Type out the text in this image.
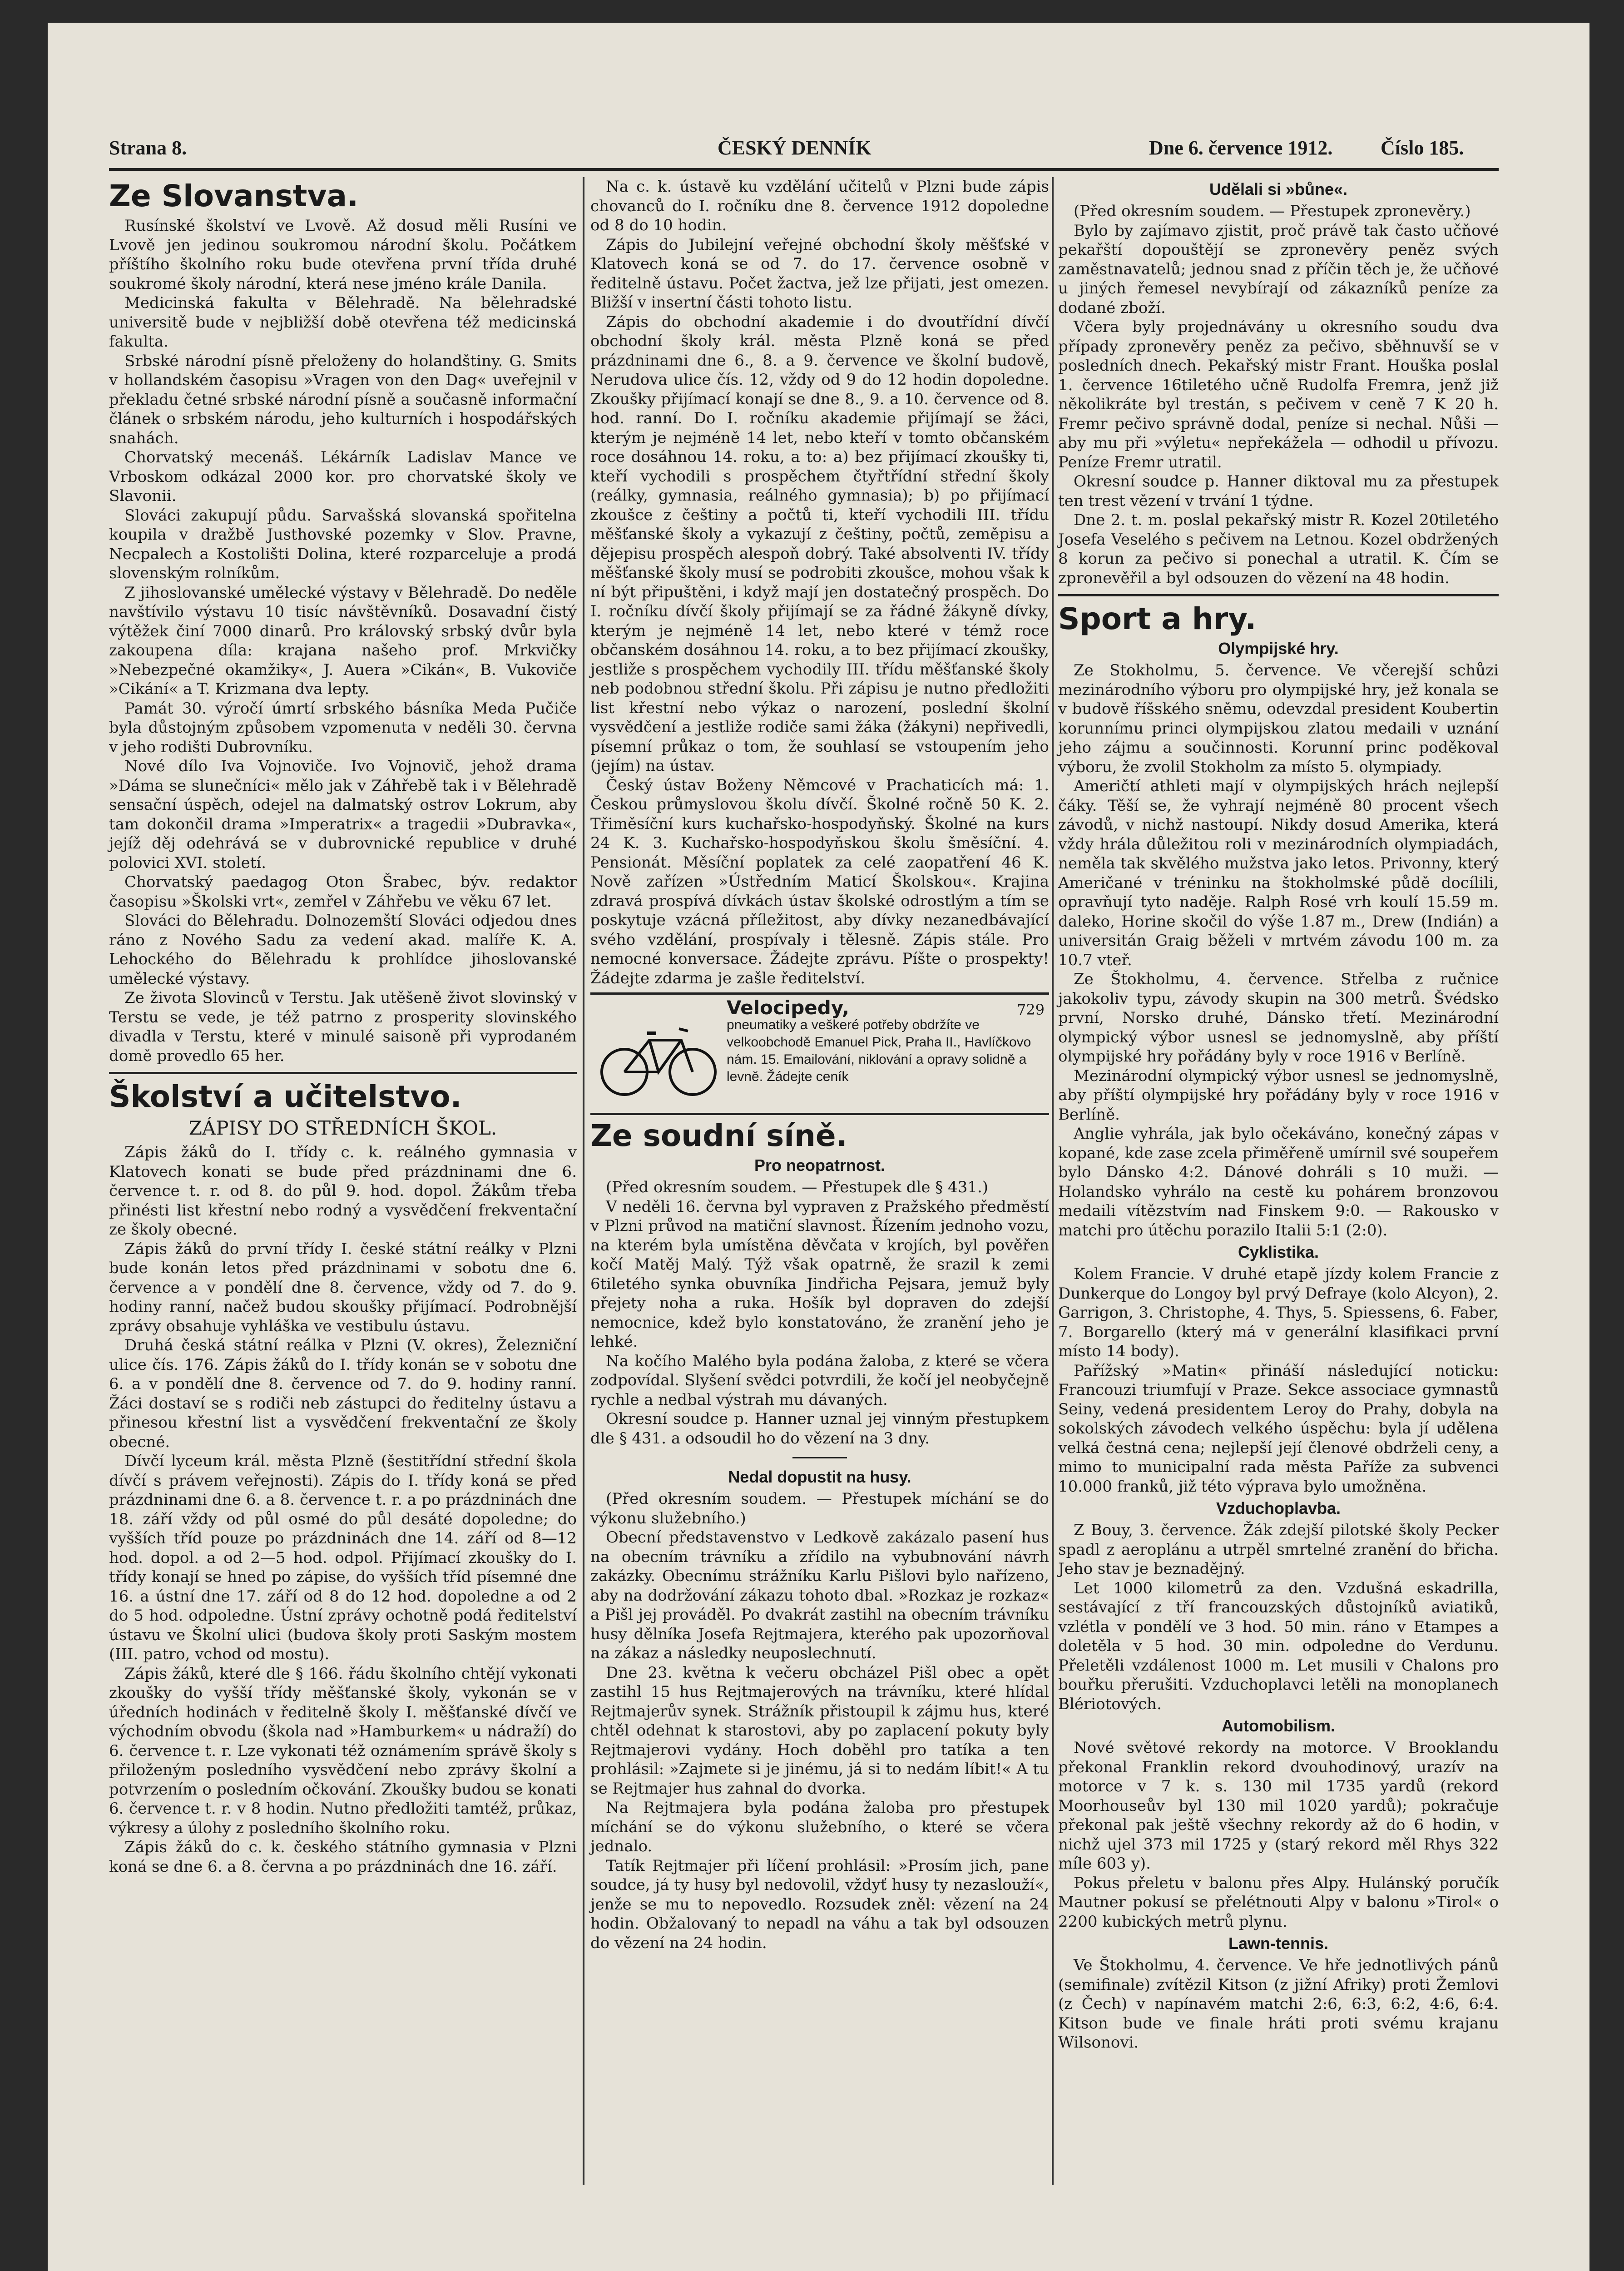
Strana 8.	ČESKÝ DENNÍK	Dne 6. července 1912. Číslo 185.
Ze Slovanstva.

Rusínské školství ve Lvově. Až dosud měli Rusíni ve Lvově jen jedinou soukromou národní školu. Počátkem příštího školního roku bude otevřena první třída druhé soukromé školy národní, která nese jméno krále Danila.

Medicinská fakulta v Bělehradě. Na bělehradské universitě bude v nejbližší době otevřena též medicinská fakulta.

Srbské národní písně přeloženy do holandštiny. G. Smits v hollandském časopisu »Vragen von den Dag« uveřejnil v překladu četné srbské národní písně a současně informační článek o srbském národu, jeho kulturních i hospodářských snahách.

Chorvatský mecenáš. Lékárník Ladislav Mance ve Vrboskom odkázal 2000 kor. pro chorvatské školy ve Slavonii.

Slováci zakupují půdu. Sarvašská slovanská spořitelna koupila v dražbě Justhovské pozemky v Slov. Pravne, Necpalech a Kostolišti Dolina, které rozparceluje a prodá slovenským rolníkům.

Z jihoslovanské umělecké výstavy v Bělehradě. Do neděle navštívilo výstavu 10 tisíc návštěvníků. Dosavadní čistý výtěžek činí 7000 dinarů. Pro královský srbský dvůr byla zakoupena díla: krajana našeho prof. Mrkvičky »Nebezpečné okamžiky«, J. Auera »Cikán«, B. Vukoviče »Cikání« a T. Krizmana dva lepty.

Památ 30. výročí úmrtí srbského básníka Meda Pučiče byla důstojným způsobem vzpomenuta v neděli 30. června v jeho rodišti Dubrovníku.

Nové dílo Iva Vojnoviče. Ivo Vojnovič, jehož drama »Dáma se slunečníci« mělo jak v Záhřebě tak i v Bělehradě sensační úspěch, odejel na dalmatský ostrov Lokrum, aby tam dokončil drama »Imperatrix« a tragedii »Dubravka«, jejíž děj odehrává se v dubrovnické republice v druhé polovici XVI. století.

Chorvatský paedagog Oton Šrabec, býv. redaktor časopisu »Školski vrt«, zemřel v Záhřebu ve věku 67 let.

Slováci do Bělehradu. Dolnozemští Slováci odjedou dnes ráno z Nového Sadu za vedení akad. malíře K. A. Lehockého do Bělehradu k prohlídce jihoslovanské umělecké výstavy.

Ze života Slovinců v Terstu. Jak utěšeně život slovinský v Terstu se vede, je též patrno z prosperity slovinského divadla v Terstu, které v minulé saisoně při vyprodaném domě provedlo 65 her.

Školství a učitelstvo.
ZÁPISY DO STŘEDNÍCH ŠKOL.

Zápis žáků do I. třídy c. k. reálného gymnasia v Klatovech konati se bude před prázdninami dne 6. července t. r. od 8. do půl 9. hod. dopol. Žákům třeba přinésti list křestní nebo rodný a vysvědčení frekventační ze školy obecné.

Zápis žáků do první třídy I. české státní reálky v Plzni bude konán letos před prázdninami v sobotu dne 6. července a v pondělí dne 8. července, vždy od 7. do 9. hodiny ranní, načež budou skoušky přijímací. Podrobnější zprávy obsahuje vyhláška ve vestibulu ústavu.

Druhá česká státní reálka v Plzni (V. okres), Železniční ulice čís. 176. Zápis žáků do I. třídy konán se v sobotu dne 6. a v pondělí dne 8. července od 7. do 9. hodiny ranní. Žáci dostaví se s rodiči neb zástupci do ředitelny ústavu a přinesou křestní list a vysvědčení frekventační ze školy obecné.

Dívčí lyceum král. města Plzně (šestitřídní střední škola dívčí s právem veřejnosti). Zápis do I. třídy koná se před prázdninami dne 6. a 8. července t. r. a po prázdninách dne 18. září vždy od půl osmé do půl desáté dopoledne; do vyšších tříd pouze po prázdninách dne 14. září od 8—12 hod. dopol. a od 2—5 hod. odpol. Přijímací zkoušky do I. třídy konají se hned po zápise, do vyšších tříd písemné dne 16. a ústní dne 17. září od 8 do 12 hod. dopoledne a od 2 do 5 hod. odpoledne. Ústní zprávy ochotně podá ředitelství ústavu ve Školní ulici (budova školy proti Saským mostem (III. patro, vchod od mostu).

Zápis žáků, které dle § 166. řádu školního chtějí vykonati zkoušky do vyšší třídy měšťanské školy, vykonán se v úředních hodinách v ředitelně školy I. měšťanské dívčí ve východním obvodu (škola nad »Hamburkem« u nádraží) do 6. července t. r. Lze vykonati též oznámením správě školy s přiloženým posledního vysvědčení nebo zprávy školní a potvrzením o posledním očkování. Zkoušky budou se konati 6. července t. r. v 8 hodin. Nutno předložiti tamtéž, průkaz, výkresy a úlohy z posledního školního roku.

Zápis žáků do c. k. českého státního gymnasia v Plzni koná se dne 6. a 8. června a po prázdninách dne 16. září.

Na c. k. ústavě ku vzdělání učitelů v Plzni bude zápis chovanců do I. ročníku dne 8. července 1912 dopoledne od 8 do 10 hodin.

Zápis do Jubilejní veřejné obchodní školy měšťské v Klatovech koná se od 7. do 17. července osobně v ředitelně ústavu. Počet žactva, jež lze přijati, jest omezen. Bližší v insertní části tohoto listu.

Zápis do obchodní akademie i do dvoutřídní dívčí obchodní školy král. města Plzně koná se před prázdninami dne 6., 8. a 9. července ve školní budově, Nerudova ulice čís. 12, vždy od 9 do 12 hodin dopoledne. Zkoušky přijímací konají se dne 8., 9. a 10. července od 8. hod. ranní. Do I. ročníku akademie přijímají se žáci, kterým je nejméně 14 let, nebo kteří v tomto občanském roce dosáhnou 14. roku, a to: a) bez přijímací zkoušky ti, kteří vychodili s prospěchem čtyřtřídní střední školy (reálky, gymnasia, reálného gymnasia); b) po přijímací zkoušce z češtiny a počtů ti, kteří vychodili III. třídu měšťanské školy a vykazují z češtiny, počtů, zeměpisu a dějepisu prospěch alespoň dobrý. Také absolventi IV. třídy měšťanské školy musí se podrobiti zkoušce, mohou však k ní být připuštěni, i když mají jen dostatečný prospěch. Do I. ročníku dívčí školy přijímají se za řádné žákyně dívky, kterým je nejméně 14 let, nebo které v témž roce občanském dosáhnou 14. roku, a to bez přijímací zkoušky, jestliže s prospěchem vychodily III. třídu měšťanské školy neb podobnou střední školu. Při zápisu je nutno předložiti list křestní nebo výkaz o narození, poslední školní vysvědčení a jestliže rodiče sami žáka (žákyni) nepřivedli, písemní průkaz o tom, že souhlasí se vstoupením jeho (jejím) na ústav.

Český ústav Boženy Němcové v Prachaticích má: 1. Českou průmyslovou školu dívčí. Školné ročně 50 K. 2. Třiměsíční kurs kuchařsko-hospodyňský. Školné na kurs 24 K. 3. Kuchařsko-hospodyňskou školu šměsíční. 4. Pensionát. Měsíční poplatek za celé zaopatření 46 K. Nově zařízen »Ústředním Maticí Školskou«. Krajina zdravá prospívá dívkách ústav školské odrostlým a tím se poskytuje vzácná příležitost, aby dívky nezanedbávající svého vzdělání, prospívaly i tělesně. Zápis stále. Pro nemocné konversace. Žádejte zprávu. Píšte o prospekty! Žádejte zdarma je zašle ředitelství.

Velocipedy,
pneumatiky a veškeré potřeby obdržíte ve velkoobchodě Emanuel Pick, Praha II., Havlíčkovo nám. 15. Emailování, niklování a opravy solidně a levně. Žádejte ceník
729
Ze soudní síně.
Pro neopatrnost.

(Před okresním soudem. — Přestupek dle § 431.)

V neděli 16. června byl vypraven z Pražského předměstí v Plzni průvod na matiční slavnost. Řízením jednoho vozu, na kterém byla umístěna děvčata v krojích, byl pověřen kočí Matěj Malý. Týž však opatrně, že srazil k zemi 6tiletého synka obuvníka Jindřicha Pejsara, jemuž byly přejety noha a ruka. Hošík byl dopraven do zdejší nemocnice, kdež bylo konstatováno, že zranění jeho je lehké.

Na kočího Malého byla podána žaloba, z které se včera zodpovídal. Slyšení svědci potvrdili, že kočí jel neobyčejně rychle a nedbal výstrah mu dávaných.

Okresní soudce p. Hanner uznal jej vinným přestupkem dle § 431. a odsoudil ho do vězení na 3 dny.

Nedal dopustit na husy.

(Před okresním soudem. — Přestupek míchání se do výkonu služebního.)

Obecní představenstvo v Ledkově zakázalo pasení hus na obecním trávníku a zřídilo na vybubnování návrh zakázky. Obecnímu strážníku Karlu Pišlovi bylo nařízeno, aby na dodržování zákazu tohoto dbal. »Rozkaz je rozkaz« a Pišl jej prováděl. Po dvakrát zastihl na obecním trávníku husy dělníka Josefa Rejtmajera, kterého pak upozorňoval na zákaz a následky neuposlechnutí.

Dne 23. května k večeru obcházel Pišl obec a opět zastihl 15 hus Rejtmajerových na trávníku, které hlídal Rejtmajerův synek. Strážník přistoupil k zájmu hus, které chtěl odehnat k starostovi, aby po zaplacení pokuty byly Rejtmajerovi vydány. Hoch doběhl pro tatíka a ten prohlásil: »Zajmete si je jinému, já si to nedám líbit!« A tu se Rejtmajer hus zahnal do dvorka.

Na Rejtmajera byla podána žaloba pro přestupek míchání se do výkonu služebního, o které se včera jednalo.

Tatík Rejtmajer při líčení prohlásil: »Prosím jich, pane soudce, já ty husy byl nedovolil, vždyť husy ty nezaslouží«, jenže se mu to nepovedlo. Rozsudek zněl: vězení na 24 hodin. Obžalovaný to nepadl na váhu a tak byl odsouzen do vězení na 24 hodin.

Udělali si »bůne«.

(Před okresním soudem. — Přestupek zpronevěry.)

Bylo by zajímavo zjistit, proč právě tak často učňové pekařští dopouštějí se zpronevěry peněz svých zaměstnavatelů; jednou snad z příčin těch je, že učňové u jiných řemesel nevybírají od zákazníků peníze za dodané zboží.

Včera byly projednávány u okresního soudu dva případy zpronevěry peněz za pečivo, sběhnuvší se v posledních dnech. Pekařský mistr Frant. Houška poslal 1. července 16tiletého učně Rudolfa Fremra, jenž již několikráte byl trestán, s pečivem v ceně 7 K 20 h. Fremr pečivo správně dodal, peníze si nechal. Nůši — aby mu při »výletu« nepřekážela — odhodil u přívozu. Peníze Fremr utratil.

Okresní soudce p. Hanner diktoval mu za přestupek ten trest vězení v trvání 1 týdne.

Dne 2. t. m. poslal pekařský mistr R. Kozel 20tiletého Josefa Veselého s pečivem na Letnou. Kozel obdržených 8 korun za pečivo si ponechal a utratil. K. Čím se zpronevěřil a byl odsouzen do vězení na 48 hodin.

Sport a hry.
Olympijské hry.

Ze Stokholmu, 5. července. Ve včerejší schůzi mezinárodního výboru pro olympijské hry, jež konala se v budově říšského sněmu, odevzdal president Koubertin korunnímu princi olympijskou zlatou medaili v uznání jeho zájmu a součinnosti. Korunní princ poděkoval výboru, že zvolil Stokholm za místo 5. olympiady.

Američtí athleti mají v olympijských hrách nejlepší čáky. Těší se, že vyhrají nejméně 80 procent všech závodů, v nichž nastoupí. Nikdy dosud Amerika, která vždy hrála důležitou roli v mezinárodních olympiadách, neměla tak skvělého mužstva jako letos. Privonny, který Američané v tréninku na štokholmské půdě docílili, opravňují tyto naděje. Ralph Rosé vrh koulí 15.59 m. daleko, Horine skočil do výše 1.87 m., Drew (Indián) a universitán Graig běželi v mrtvém závodu 100 m. za 10.7 vteř.

Ze Štokholmu, 4. července. Střelba z ručnice jakokoliv typu, závody skupin na 300 metrů. Švédsko první, Norsko druhé, Dánsko třetí. Mezinárodní olympický výbor usnesl se jednomyslně, aby příští olympijské hry pořádány byly v roce 1916 v Berlíně.

Mezinárodní olympický výbor usnesl se jednomyslně, aby příští olympijské hry pořádány byly v roce 1916 v Berlíně.

Anglie vyhrála, jak bylo očekáváno, konečný zápas v kopané, kde zase zcela přiměřeně umírnil své soupeřem bylo Dánsko 4:2. Dánové dohráli s 10 muži. — Holandsko vyhrálo na cestě ku pohárem bronzovou medaili vítězstvím nad Finskem 9:0. — Rakousko v matchi pro útěchu porazilo Italii 5:1 (2:0).

Cyklistika.

Kolem Francie. V druhé etapě jízdy kolem Francie z Dunkerque do Longoy byl prvý Defraye (kolo Alcyon), 2. Garrigon, 3. Christophe, 4. Thys, 5. Spiessens, 6. Faber, 7. Borgarello (který má v generální klasifikaci první místo 14 body).

Pařížský »Matin« přináší následující noticku: Francouzi triumfují v Praze. Sekce associace gymnastů Seiny, vedená presidentem Leroy do Prahy, dobyla na sokolských závodech velkého úspěchu: byla jí udělena velká čestná cena; nejlepší její členové obdrželi ceny, a mimo to municipalní rada města Paříže za subvenci 10.000 franků, již této výprava bylo umožněna.

Vzduchoplavba.

Z Bouy, 3. července. Žák zdejší pilotské školy Pecker spadl z aeroplánu a utrpěl smrtelné zranění do břicha. Jeho stav je beznadějný.

Let 1000 kilometrů za den. Vzdušná eskadrilla, sestávající z tří francouzských důstojníků aviatiků, vzlétla v pondělí ve 3 hod. 50 min. ráno v Etampes a doletěla v 5 hod. 30 min. odpoledne do Verdunu. Přeletěli vzdálenost 1000 m. Let musili v Chalons pro bouřku přerušiti. Vzduchoplavci letěli na monoplanech Blériotových.

Automobilism.

Nové světové rekordy na motorce. V Brooklandu překonal Franklin rekord dvouhodinový, urazív na motorce v 7 k. s. 130 mil 1735 yardů (rekord Moorhouseův byl 130 mil 1020 yardů); pokračuje překonal pak ještě všechny rekordy až do 6 hodin, v nichž ujel 373 mil 1725 y (starý rekord měl Rhys 322 míle 603 y).

Pokus přeletu v balonu přes Alpy. Hulánský poručík Mautner pokusí se přelétnouti Alpy v balonu »Tirol« o 2200 kubických metrů plynu.

Lawn-tennis.

Ve Štokholmu, 4. července. Ve hře jednotlivých pánů (semifinale) zvítězil Kitson (z jižní Afriky) proti Žemlovi (z Čech) v napínavém matchi 2:6, 6:3, 6:2, 4:6, 6:4. Kitson bude ve finale hráti proti svému krajanu Wilsonovi.
